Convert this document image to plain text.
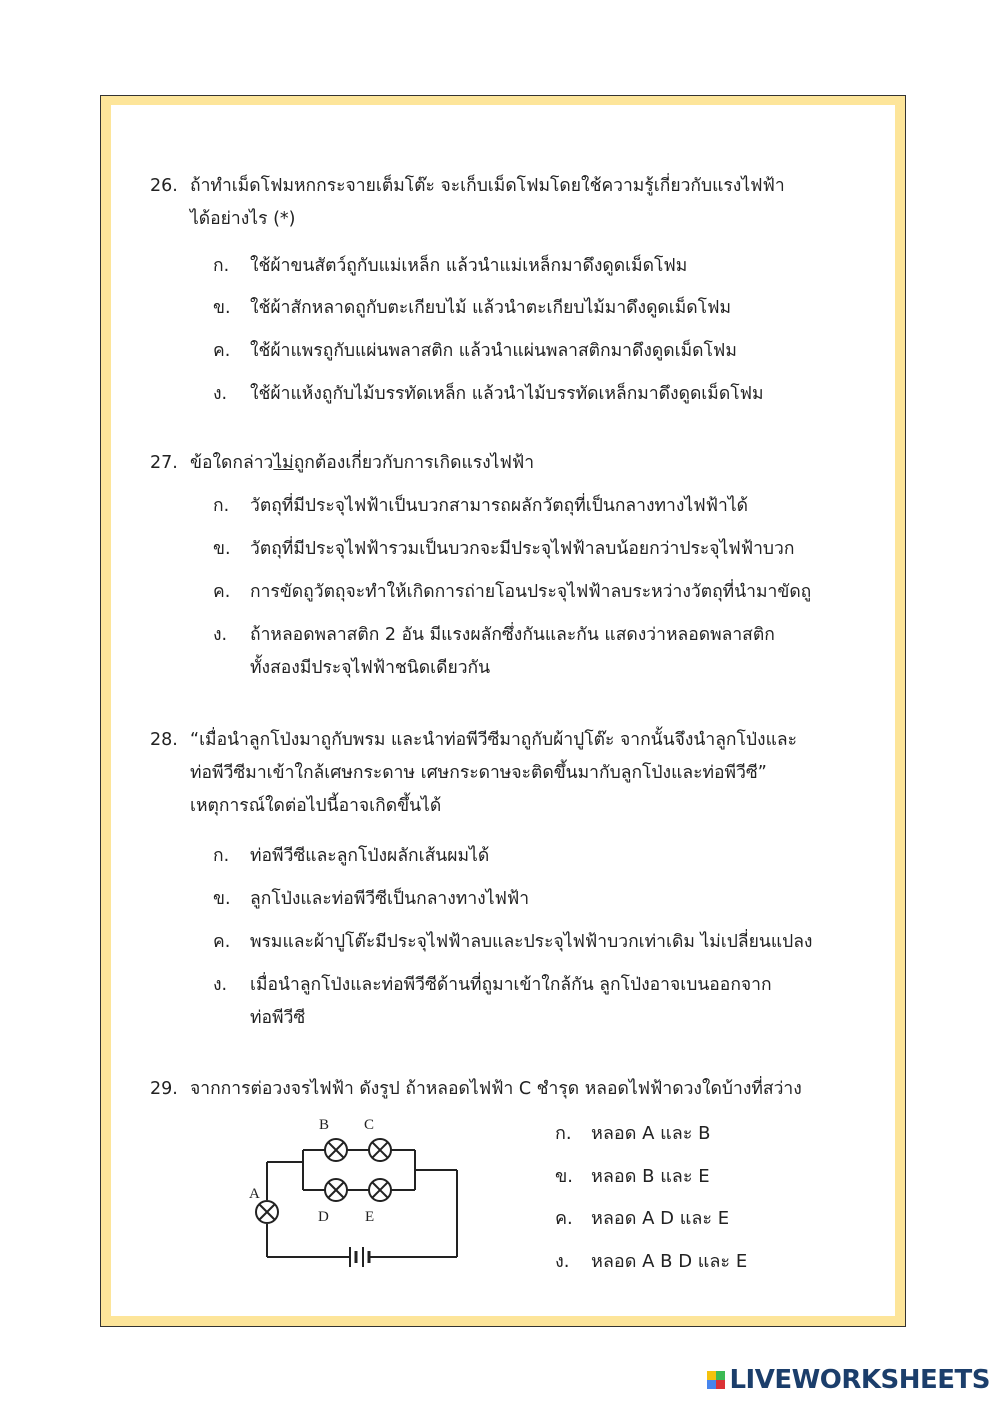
26. ถ้าทำเม็ดโฟมหกกระจายเต็มโต๊ะ จะเก็บเม็ดโฟมโดยใช้ความรู้เกี่ยวกับแรงไฟฟ้า
ได้อย่างไร (*)
ก.	ใช้ผ้าขนสัตว์ถูกับแม่เหล็ก แล้วนำแม่เหล็กมาดึงดูดเม็ดโฟม
ข.	ใช้ผ้าสักหลาดถูกับตะเกียบไม้ แล้วนำตะเกียบไม้มาดึงดูดเม็ดโฟม
ค.	ใช้ผ้าแพรถูกับแผ่นพลาสติก แล้วนำแผ่นพลาสติกมาดึงดูดเม็ดโฟม
ง.	ใช้ผ้าแห้งถูกับไม้บรรทัดเหล็ก แล้วนำไม้บรรทัดเหล็กมาดึงดูดเม็ดโฟม
27. ข้อใดกล่าวไม่ถูกต้องเกี่ยวกับการเกิดแรงไฟฟ้า
ก.	วัตถุที่มีประจุไฟฟ้าเป็นบวกสามารถผลักวัตถุที่เป็นกลางทางไฟฟ้าได้
ข.	วัตถุที่มีประจุไฟฟ้ารวมเป็นบวกจะมีประจุไฟฟ้าลบน้อยกว่าประจุไฟฟ้าบวก
ค.	การขัดถูวัตถุจะทำให้เกิดการถ่ายโอนประจุไฟฟ้าลบระหว่างวัตถุที่นำมาขัดถู
ง.	ถ้าหลอดพลาสติก 2 อัน มีแรงผลักซึ่งกันและกัน แสดงว่าหลอดพลาสติก
ทั้งสองมีประจุไฟฟ้าชนิดเดียวกัน
28. “เมื่อนำลูกโป่งมาถูกับพรม และนำท่อพีวีซีมาถูกับผ้าปูโต๊ะ จากนั้นจึงนำลูกโป่งและ
ท่อพีวีซีมาเข้าใกล้เศษกระดาษ เศษกระดาษจะติดขึ้นมากับลูกโป่งและท่อพีวีซี”
เหตุการณ์ใดต่อไปนี้อาจเกิดขึ้นได้
ก.	ท่อพีวีซีและลูกโป่งผลักเส้นผมได้
ข.	ลูกโป่งและท่อพีวีซีเป็นกลางทางไฟฟ้า
ค.	พรมและผ้าปูโต๊ะมีประจุไฟฟ้าลบและประจุไฟฟ้าบวกเท่าเดิม ไม่เปลี่ยนแปลง
ง.	เมื่อนำลูกโป่งและท่อพีวีซีด้านที่ถูมาเข้าใกล้กัน ลูกโป่งอาจเบนออกจาก
ท่อพีวีซี
29. จากการต่อวงจรไฟฟ้า ดังรูป ถ้าหลอดไฟฟ้า C ชำรุด หลอดไฟฟ้าดวงใดบ้างที่สว่าง
A
B C
D E
ก.	หลอด A และ B
ข. หลอด B และ E
ค.	หลอด A D และ E
ง.	หลอด A B D และ E
LIVEWORKSHEETS
